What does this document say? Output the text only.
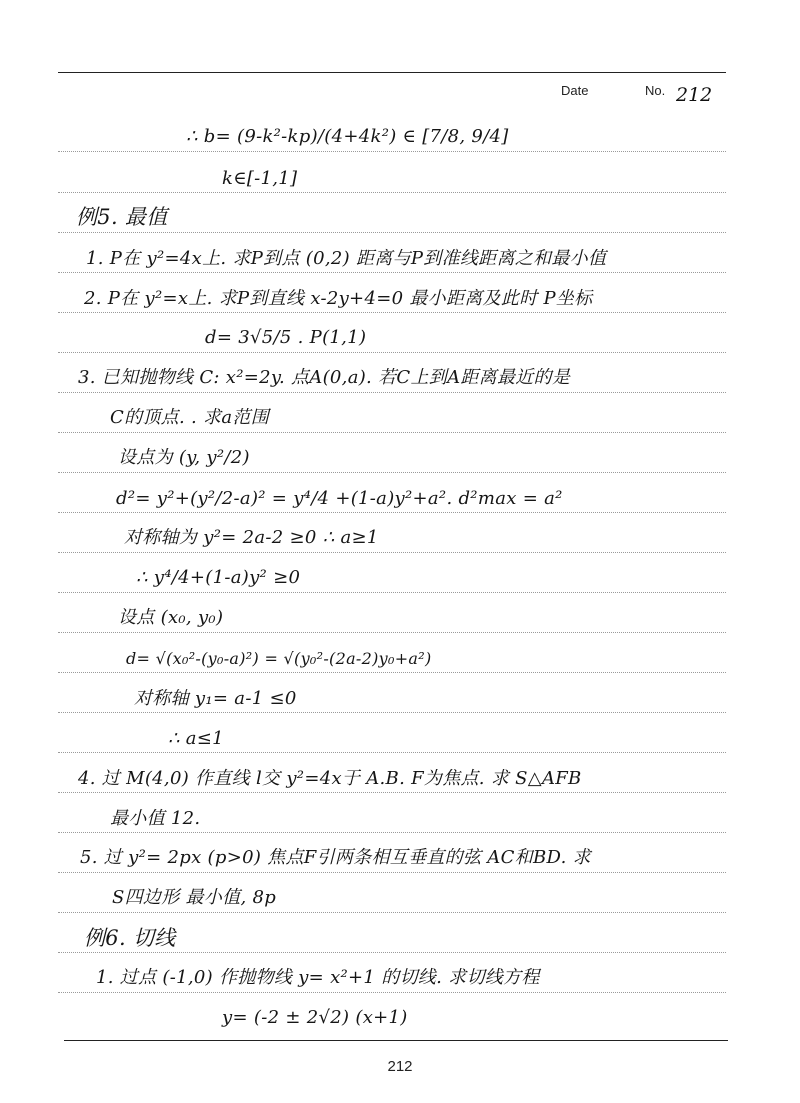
Date	No. 212
∴ b= (9-k²-kp)/(4+4k²) ∈ [7/8, 9/4]
k∈[-1,1]
例5. 最值
1. P在 y²=4x上. 求P到点 (0,2) 距离与P到准线距离之和最小值
2. P在 y²=x上. 求P到直线 x-2y+4=0 最小距离及此时 P坐标
d= 3√5/5 . P(1,1)
3. 已知抛物线 C: x²=2y. 点A(0,a). 若C上到A距离最近的是
C的顶点. . 求a范围
设点为 (y, y²/2)
d²= y²+(y²/2-a)² = y⁴/4 +(1-a)y²+a². d²max = a²
对称轴为 y²= 2a-2 ≥0 ∴ a≥1
∴ y⁴/4+(1-a)y² ≥0
设点 (x₀, y₀)
d= √(x₀²-(y₀-a)²) = √(y₀²-(2a-2)y₀+a²)
对称轴 y₁= a-1 ≤0
∴ a≤1
4. 过 M(4,0) 作直线 l交 y²=4x于 A.B. F为焦点. 求 S△AFB
最小值 12.
5. 过 y²= 2px (p>0) 焦点F引两条相互垂直的弦 AC和BD. 求
S四边形 最小值, 8p
例6. 切线
1. 过点 (-1,0) 作抛物线 y= x²+1 的切线. 求切线方程
y= (-2 ± 2√2) (x+1)
212
